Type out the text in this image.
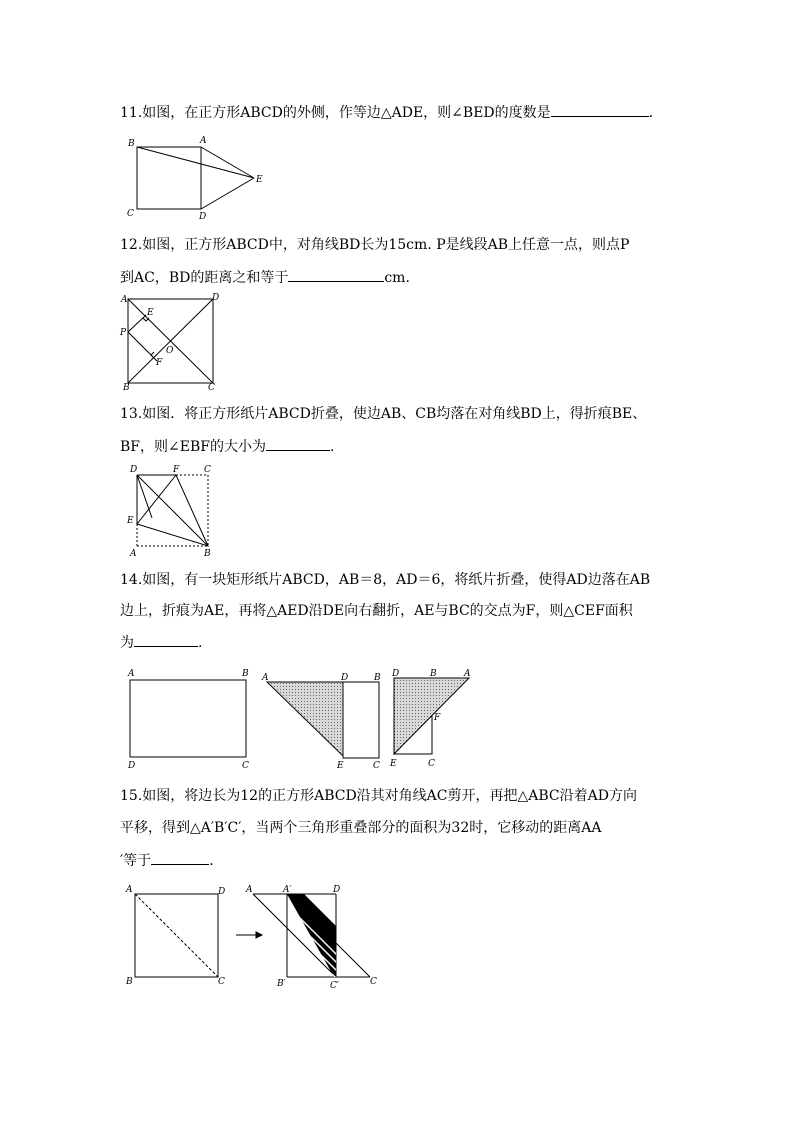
11.如图，在正方形ABCD的外侧，作等边△ADE，则∠BED的度数是	.
B	A
E
C	D
12.如图，正方形ABCD中，对角线BD长为15cm. P是线段AB上任意一点，则点P
到AC，BD的距离之和等于	cm.
A	D
E
P
O
F
B	C
13.如图．将正方形纸片ABCD折叠，使边AB、CB均落在对角线BD上，得折痕BE、
BF，则∠EBF的大小为	.
D	F	C
E
A	B
14.如图，有一块矩形纸片ABCD，AB＝8，AD＝6，将纸片折叠，使得AD边落在AB
边上，折痕为AE，再将△AED沿DE向右翻折，AE与BC的交点为F，则△CEF面积
为	.
A	B
D	C
A	D	B
E	C
D	B	A
F
E	C
15.如图，将边长为12的正方形ABCD沿其对角线AC剪开，再把△ABC沿着AD方向
平移，得到△A′B′C′，当两个三角形重叠部分的面积为32时，它移动的距离AA
′等于	.
A	D
B	C
A	A′	D
B′	C′	C
